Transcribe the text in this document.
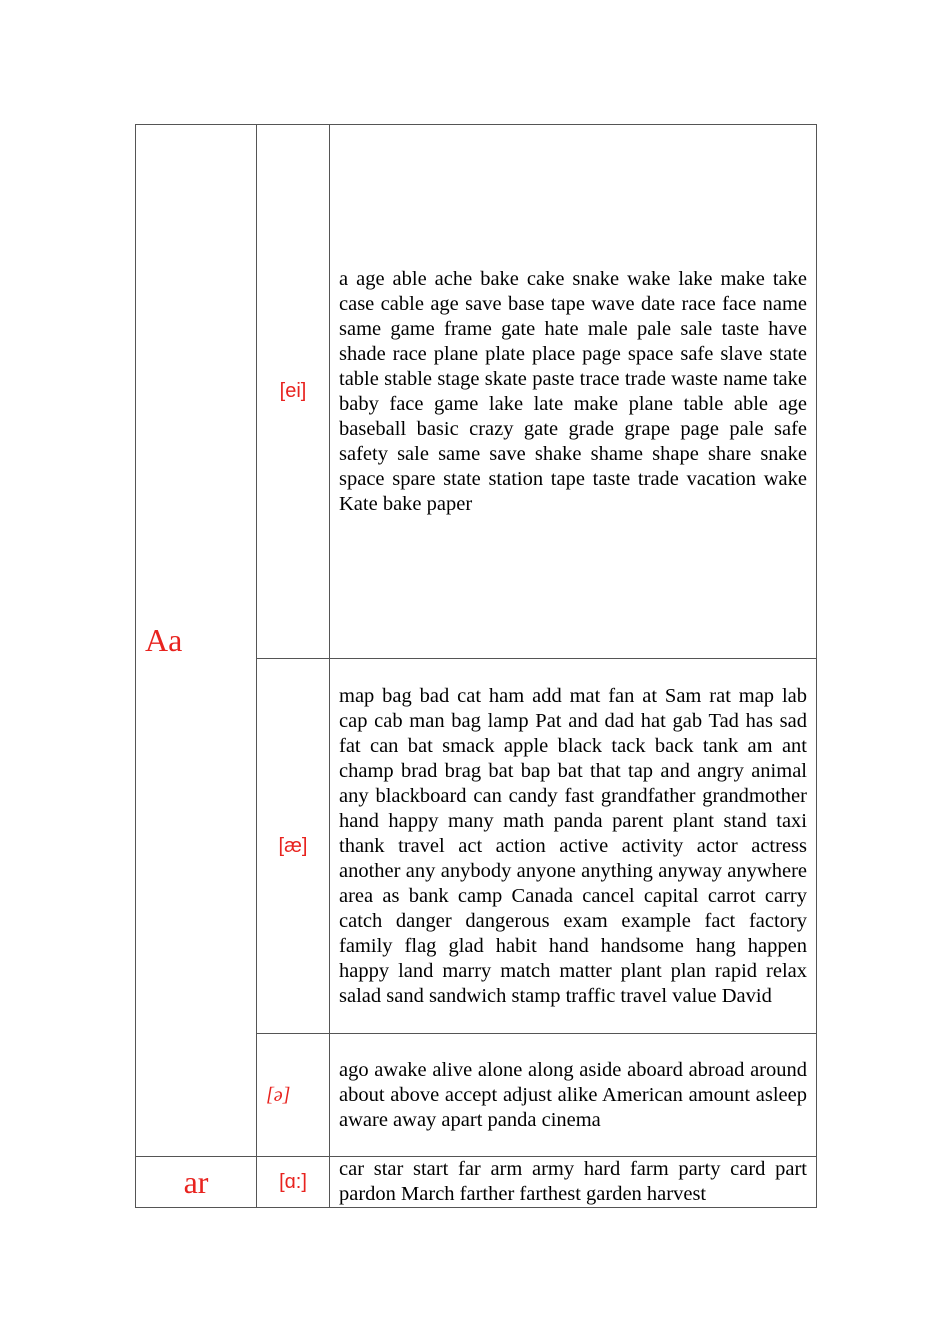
Aa	[ei]	a age able ache bake cake snake wake lake make take case cable age save base tape wave date race face name same game frame gate hate male pale sale taste have shade race plane plate place page space safe slave state table stable stage skate paste trace trade waste name take baby face game lake late make plane table able age baseball basic crazy gate grade grape page pale safe safety sale same save shake shame shape share snake space spare state station tape taste trade vacation wake Kate bake paper

	[æ]	map bag bad cat ham add mat fan at Sam rat map lab cap cab man bag lamp Pat and dad hat gab Tad has sad fat can bat smack apple black tack back tank am ant champ brad brag bat bap bat that tap and angry animal any blackboard can candy fast grandfather grandmother hand happy many math panda parent plant stand taxi thank travel act action active activity actor actress another any anybody anyone anything anyway anywhere area as bank camp Canada cancel capital carrot carry catch danger dangerous exam example fact factory family flag glad habit hand handsome hang happen happy land marry match matter plant plan rapid relax salad sand sandwich stamp traffic travel value David

	[ə]	ago awake alive alone along aside aboard abroad around about above accept adjust alike American amount asleep aware away apart panda cinema

ar	[ɑ:]	car star start far arm army hard farm party card part pardon March farther farthest garden harvest
